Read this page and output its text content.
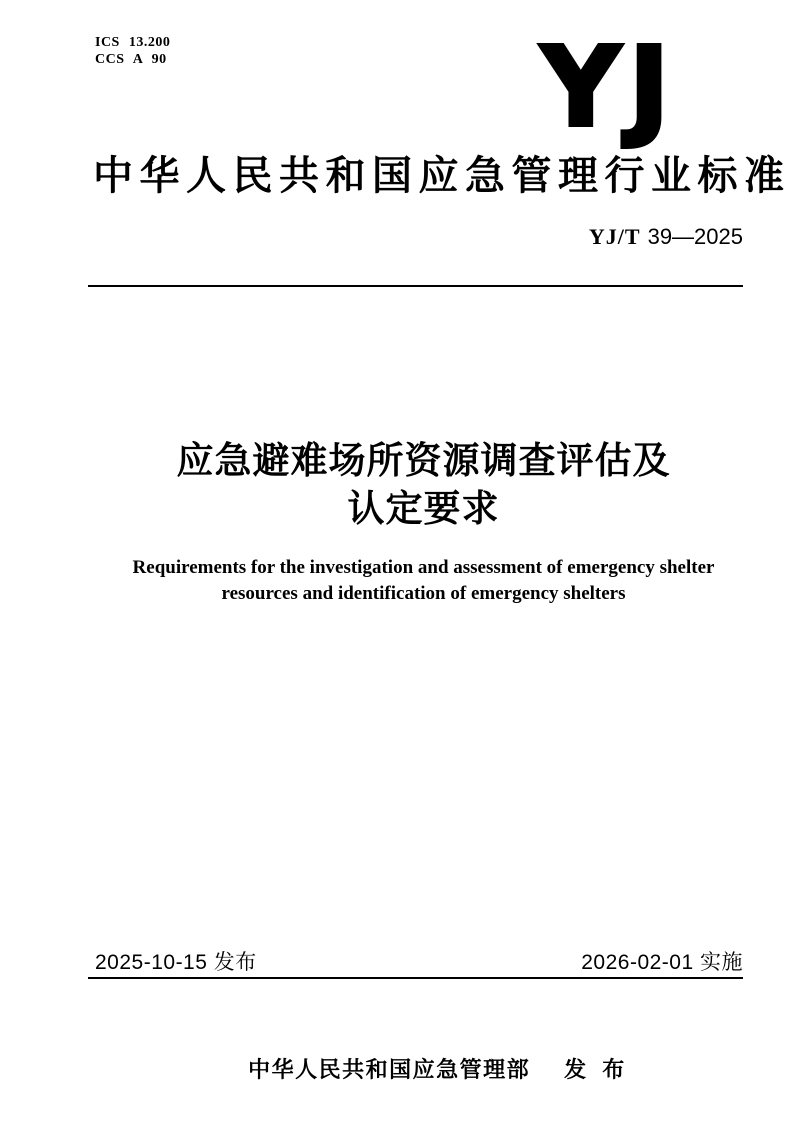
ICS 13.200
CCS A 90	YJ
中华人民共和国应急管理行业标准
YJ/T 39—2025
应急避难场所资源调查评估及
认定要求
Requirements for the investigation and assessment of emergency shelter
resources and identification of emergency shelters
2025-10-15 发布	2026-02-01 实施

中华人民共和国应急管理部 发 布
